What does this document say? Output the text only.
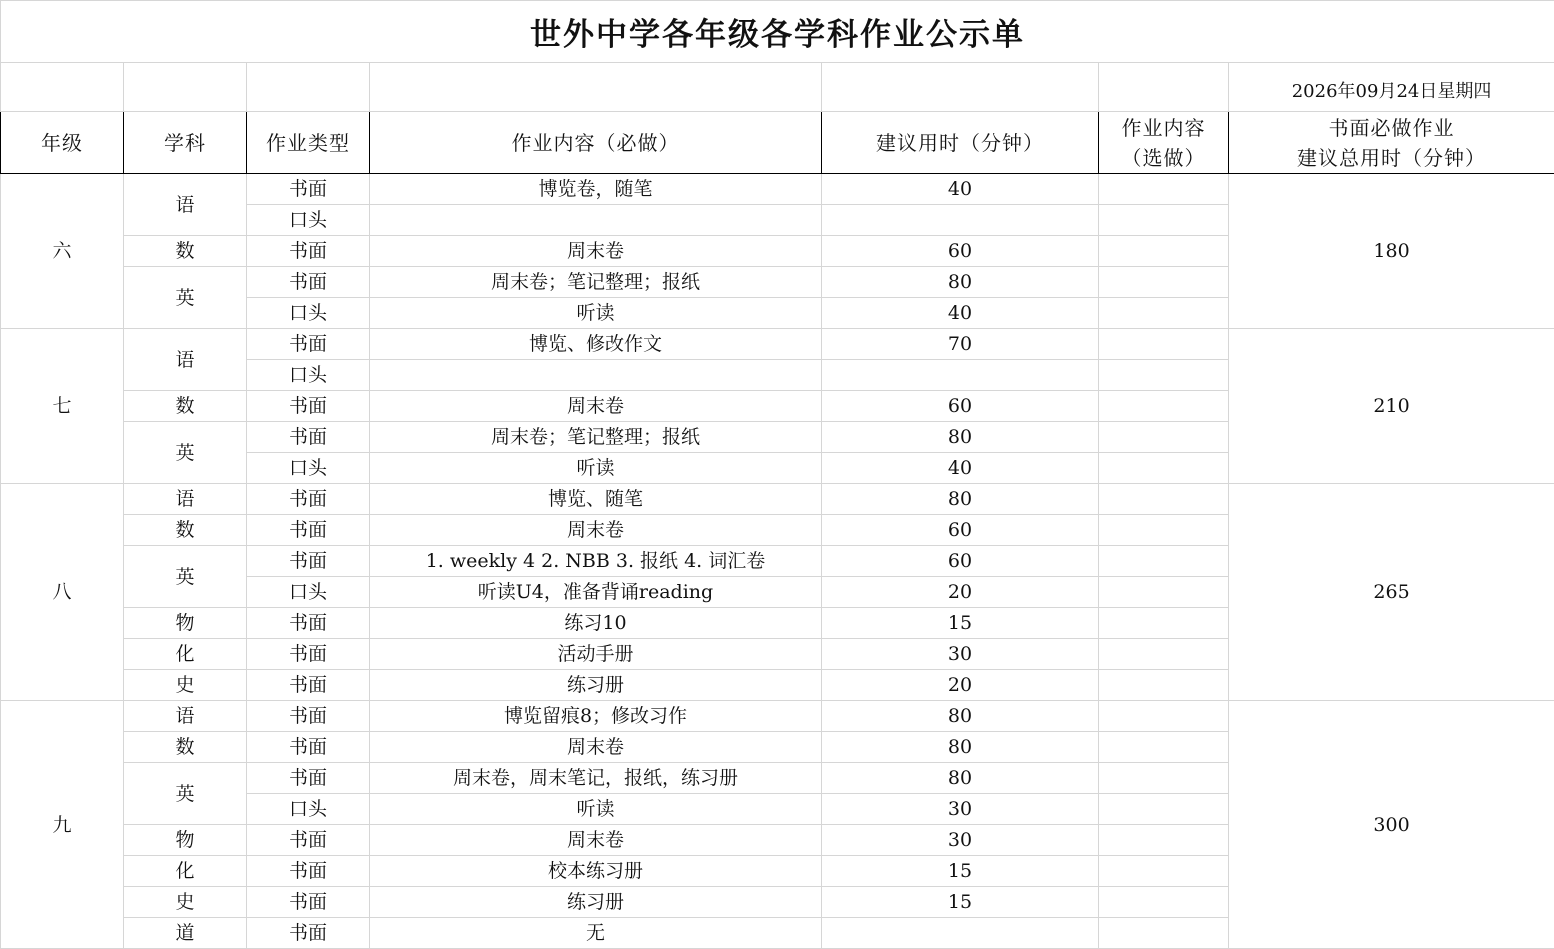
世外中学各年级各学科作业公示单						
						2026年09月24日星期四
年级	学科	作业类型	作业内容（必做）	建议用时（分钟）	作业内容
（选做）	书面必做作业
建议总用时（分钟）
六	语	书面	博览卷，随笔	40		180
		口头				
	数	书面	周末卷	60		
	英	书面	周末卷；笔记整理；报纸	80		
		口头	听读	40		
七	语	书面	博览、修改作文	70		210
		口头				
	数	书面	周末卷	60		
	英	书面	周末卷；笔记整理；报纸	80		
		口头	听读	40		
八	语	书面	博览、随笔	80		265
	数	书面	周末卷	60		
	英	书面	1. weekly 4 2. NBB 3. 报纸 4. 词汇卷	60		
		口头	听读U4，准备背诵reading	20		
	物	书面	练习10	15		
	化	书面	活动手册	30		
	史	书面	练习册	20		
九	语	书面	博览留痕8；修改习作	80		300
	数	书面	周末卷	80		
	英	书面	周末卷，周末笔记，报纸，练习册	80		
		口头	听读	30		
	物	书面	周末卷	30		
	化	书面	校本练习册	15		
	史	书面	练习册	15		
	道	书面	无			
